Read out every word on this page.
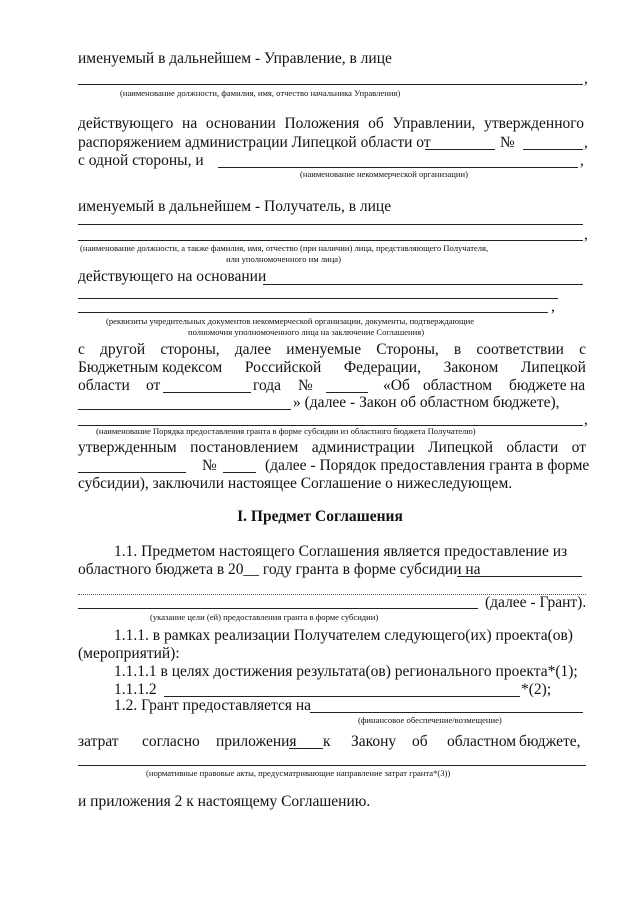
именуемый в дальнейшем - Управление, в лице
,
(наименование должности, фамилия, имя, отчество начальника Управления)
действующего на основании Положения об Управлении, утвержденного
распоряжением администрации Липецкой области от	№	,
с одной стороны, и	,
(наименование некоммерческой организации)
именуемый в дальнейшем - Получатель, в лице
,
(наименование должности, а также фамилия, имя, отчество (при наличии) лица, представляющего Получателя,
или уполномоченного им лица)
действующего на основании
,
(реквизиты учредительных документов некоммерческой организации, документы, подтверждающие
полномочия уполномоченного лица на заключение Соглашения)
с другой стороны, далее именуемые Стороны, в соответствии с
Бюджетным кодексом Российской Федерации, Законом Липецкой
области от	года №	«Об областном бюджете на
» (далее - Закон об областном бюджете),
,
(наименование Порядка предоставления гранта в форме субсидии из областного бюджета Получателю)
утвержденным постановлением администрации Липецкой области от
№	(далее - Порядок предоставления гранта в форме
субсидии), заключили настоящее Соглашение о нижеследующем.
I. Предмет Соглашения
1.1. Предметом настоящего Соглашения является предоставление из
областного бюджета в 20__ году гранта в форме субсидии на
(далее - Грант).
(указание цели (ей) предоставления гранта в форме субсидии)
1.1.1. в рамках реализации Получателем следующего(их) проекта(ов)
(мероприятий):
1.1.1.1 в целях достижения результата(ов) регионального проекта*(1);
1.1.1.2	*(2);
1.2. Грант предоставляется на
(финансовое обеспечение/возмещение)
затрат согласно приложения к Закону об областном бюджете,
(нормативные правовые акты, предусматривающие направление затрат гранта*(3))
и приложения 2 к настоящему Соглашению.
